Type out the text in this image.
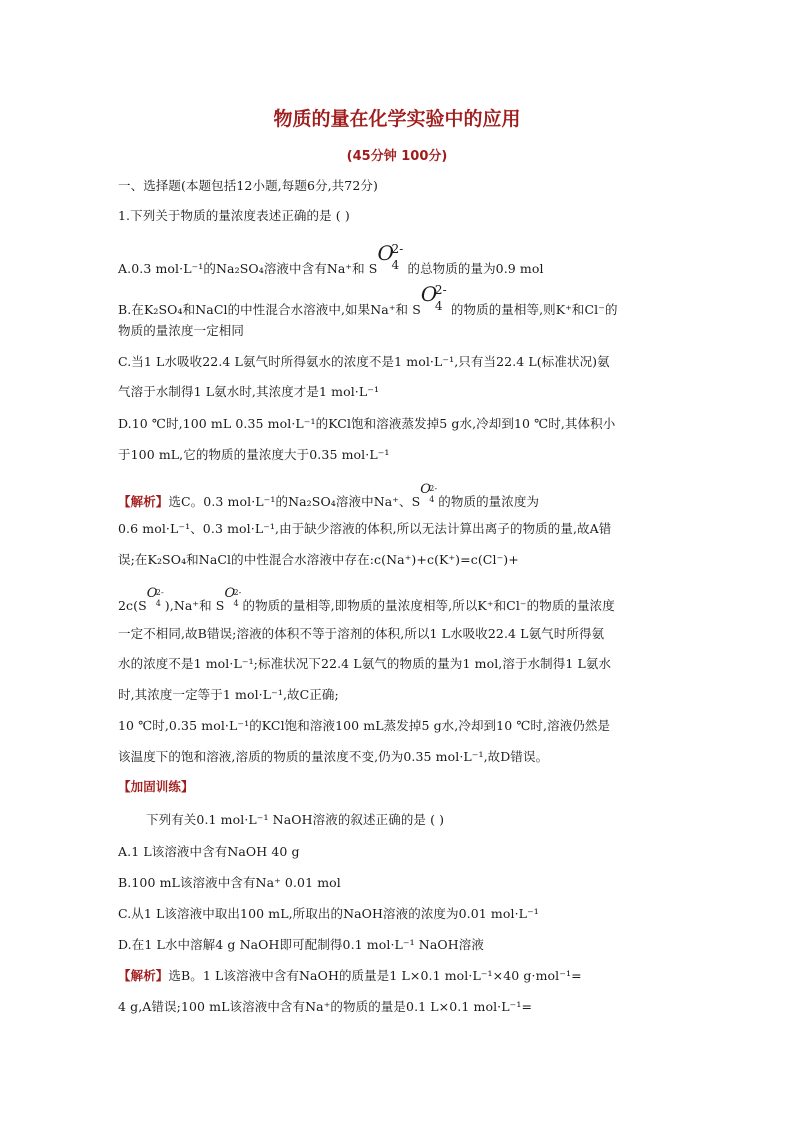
物质的量在化学实验中的应用
(45分钟 100分)
一、选择题(本题包括12小题,每题6分,共72分)
1.下列关于物质的量浓度表述正确的是 ( )
A.0.3 mol·L⁻¹的Na₂SO₄溶液中含有Na⁺和 S
O
2-
4 的总物质的量为0.9 mol
B.在K₂SO₄和NaCl的中性混合水溶液中,如果Na⁺和 S
O
2-
4 的物质的量相等,则K⁺和Cl⁻的
物质的量浓度一定相同
C.当1 L水吸收22.4 L氨气时所得氨水的浓度不是1 mol·L⁻¹,只有当22.4 L(标准状况)氨
气溶于水制得1 L氨水时,其浓度才是1 mol·L⁻¹
D.10 ℃时,100 mL 0.35 mol·L⁻¹的KCl饱和溶液蒸发掉5 g水,冷却到10 ℃时,其体积小
于100 mL,它的物质的量浓度大于0.35 mol·L⁻¹
【解析】选C。0.3 mol·L⁻¹的Na₂SO₄溶液中Na⁺、S
O
2-
4 的物质的量浓度为
0.6 mol·L⁻¹、0.3 mol·L⁻¹,由于缺少溶液的体积,所以无法计算出离子的物质的量,故A错
误;在K₂SO₄和NaCl的中性混合水溶液中存在:c(Na⁺)+c(K⁺)=c(Cl⁻)+
2c(S
O
2-
4 ),Na⁺和 S
O
2-
4 的物质的量相等,即物质的量浓度相等,所以K⁺和Cl⁻的物质的量浓度
一定不相同,故B错误;溶液的体积不等于溶剂的体积,所以1 L水吸收22.4 L氨气时所得氨
水的浓度不是1 mol·L⁻¹;标准状况下22.4 L氨气的物质的量为1 mol,溶于水制得1 L氨水
时,其浓度一定等于1 mol·L⁻¹,故C正确;
10 ℃时,0.35 mol·L⁻¹的KCl饱和溶液100 mL蒸发掉5 g水,冷却到10 ℃时,溶液仍然是
该温度下的饱和溶液,溶质的物质的量浓度不变,仍为0.35 mol·L⁻¹,故D错误。
【加固训练】
下列有关0.1 mol·L⁻¹ NaOH溶液的叙述正确的是 ( )
A.1 L该溶液中含有NaOH 40 g
B.100 mL该溶液中含有Na⁺ 0.01 mol
C.从1 L该溶液中取出100 mL,所取出的NaOH溶液的浓度为0.01 mol·L⁻¹
D.在1 L水中溶解4 g NaOH即可配制得0.1 mol·L⁻¹ NaOH溶液
【解析】选B。1 L该溶液中含有NaOH的质量是1 L×0.1 mol·L⁻¹×40 g·mol⁻¹=
4 g,A错误;100 mL该溶液中含有Na⁺的物质的量是0.1 L×0.1 mol·L⁻¹=
